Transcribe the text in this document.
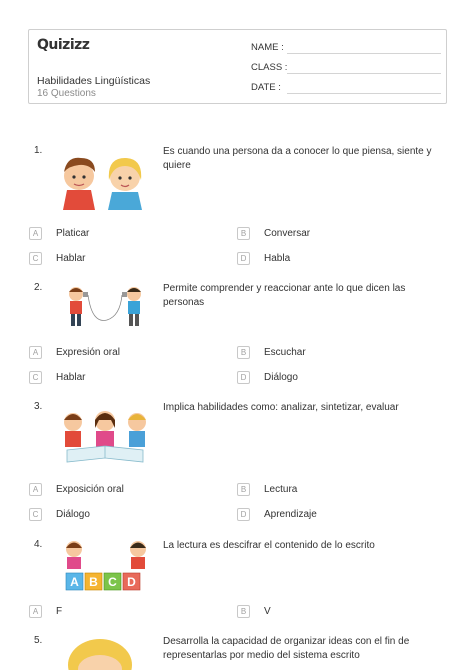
Quizizz
Habilidades Lingüísticas
16 Questions
NAME :
CLASS :
DATE :
1.	Es cuando una persona da a conocer lo que piensa, siente y quiere
A	Platicar	B	Conversar
C	Hablar	D	Habla
2.	Permite comprender y reaccionar ante lo que dicen las personas
A	Expresión oral	B	Escuchar
C	Hablar	D	Diálogo
3.	Implica habilidades como: analizar, sintetizar, evaluar
A	Exposición oral	B	Lectura
C	Diálogo	D	Aprendizaje
4.	La lectura es descifrar el contenido de lo escrito
A B C D
A	F	B	V
5.	Desarrolla la capacidad de organizar ideas con el fin de representarlas por medio del sistema escrito
